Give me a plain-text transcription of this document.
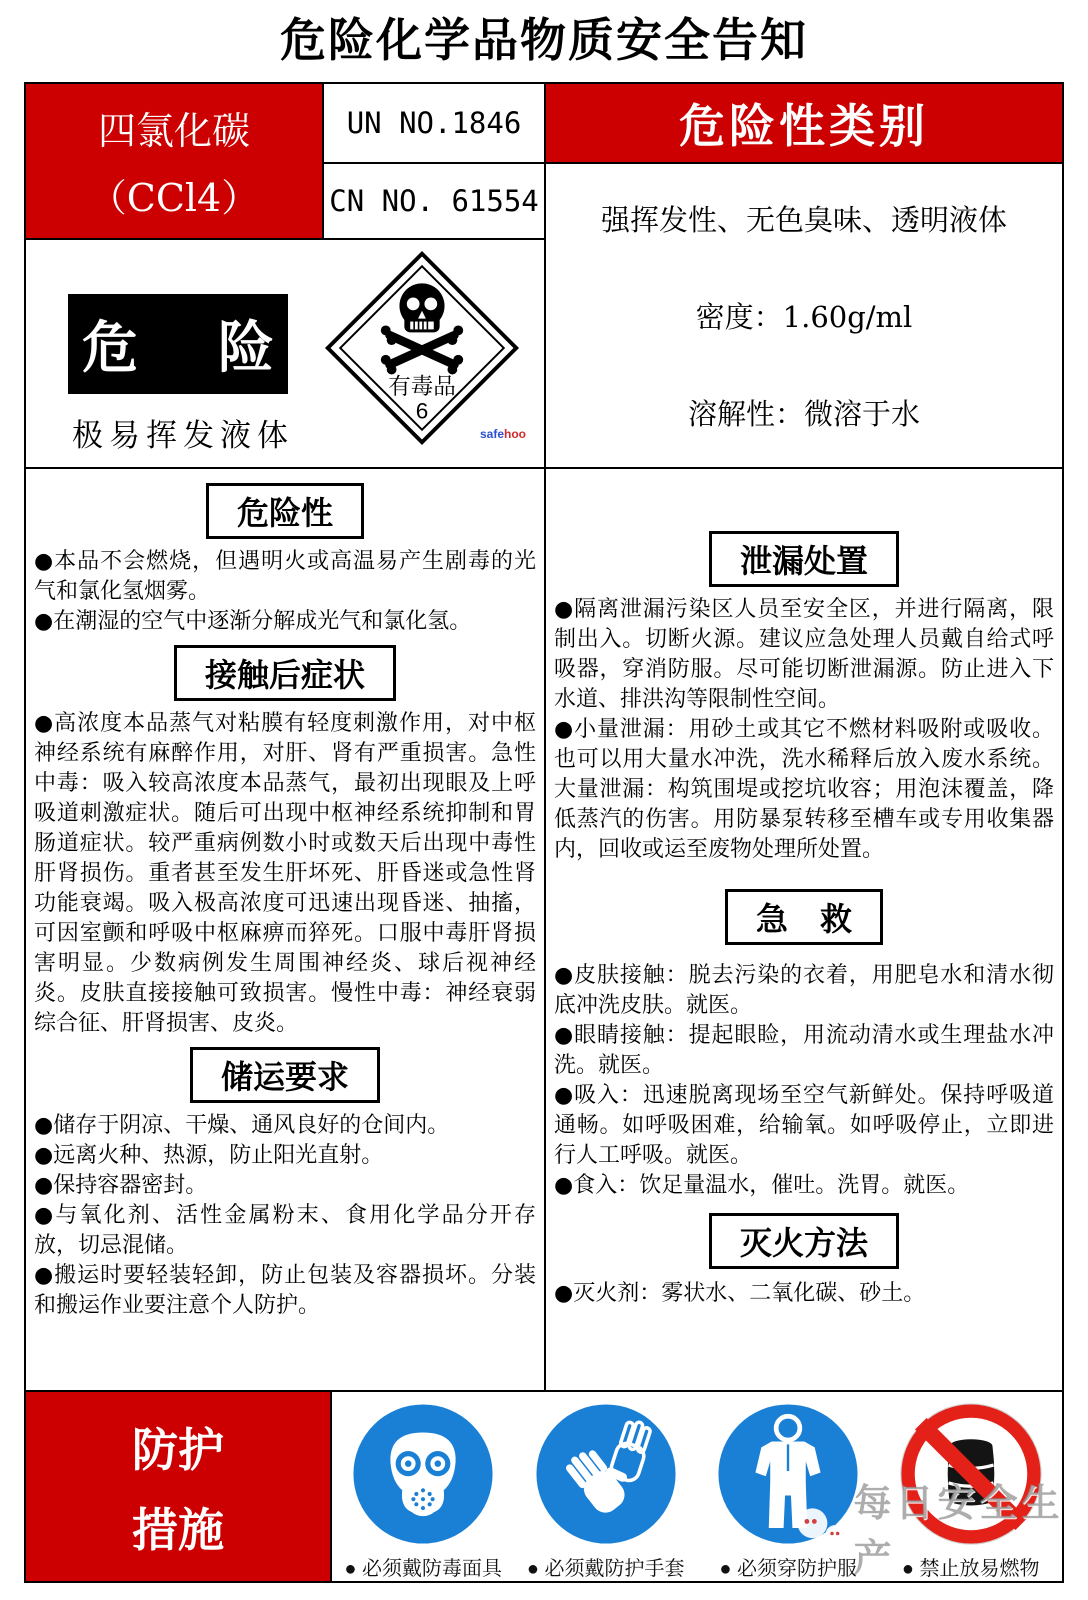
危险化学品物质安全告知
四氯化碳
（CCl4）
UN NO.1846
CN NO. 61554
危险性类别
危　险
有毒品
6
极易挥发液体	safehoo
强挥发性、无色臭味、透明液体
密度：1.60g/ml
溶解性：微溶于水
危险性

●本品不会燃烧，但遇明火或高温易产生剧毒的光气和氯化氢烟雾。

●在潮湿的空气中逐渐分解成光气和氯化氢。

接触后症状

●高浓度本品蒸气对粘膜有轻度刺激作用，对中枢神经系统有麻醉作用，对肝、肾有严重损害。急性中毒：吸入较高浓度本品蒸气，最初出现眼及上呼吸道刺激症状。随后可出现中枢神经系统抑制和胃肠道症状。较严重病例数小时或数天后出现中毒性肝肾损伤。重者甚至发生肝坏死、肝昏迷或急性肾功能衰竭。吸入极高浓度可迅速出现昏迷、抽搐，可因室颤和呼吸中枢麻痹而猝死。口服中毒肝肾损害明显。少数病例发生周围神经炎、球后视神经炎。皮肤直接接触可致损害。慢性中毒：神经衰弱综合征、肝肾损害、皮炎。

储运要求

●储存于阴凉、干燥、通风良好的仓间内。

●远离火种、热源，防止阳光直射。

●保持容器密封。

●与氧化剂、活性金属粉末、食用化学品分开存放，切忌混储。

●搬运时要轻装轻卸，防止包装及容器损坏。分装和搬运作业要注意个人防护。

泄漏处置

●隔离泄漏污染区人员至安全区，并进行隔离，限制出入。切断火源。建议应急处理人员戴自给式呼吸器，穿消防服。尽可能切断泄漏源。防止进入下水道、排洪沟等限制性空间。

●小量泄漏：用砂土或其它不燃材料吸附或吸收。也可以用大量水冲洗，洗水稀释后放入废水系统。大量泄漏：构筑围堤或挖坑收容；用泡沫覆盖，降低蒸汽的伤害。用防暴泵转移至槽车或专用收集器内，回收或运至废物处理所处置。

急　救

●皮肤接触：脱去污染的衣着，用肥皂水和清水彻底冲洗皮肤。就医。

●眼睛接触：提起眼睑，用流动清水或生理盐水冲洗。就医。

●吸入：迅速脱离现场至空气新鲜处。保持呼吸道通畅。如呼吸困难，给输氧。如呼吸停止，立即进行人工呼吸。就医。

●食入：饮足量温水，催吐。洗胃。就医。

灭火方法

●灭火剂：雾状水、二氧化碳、砂土。

防护
措施
● 必须戴防毒面具 ● 必须戴防护手套 ● 必须穿防护服 ● 禁止放易燃物
每日安全生产
